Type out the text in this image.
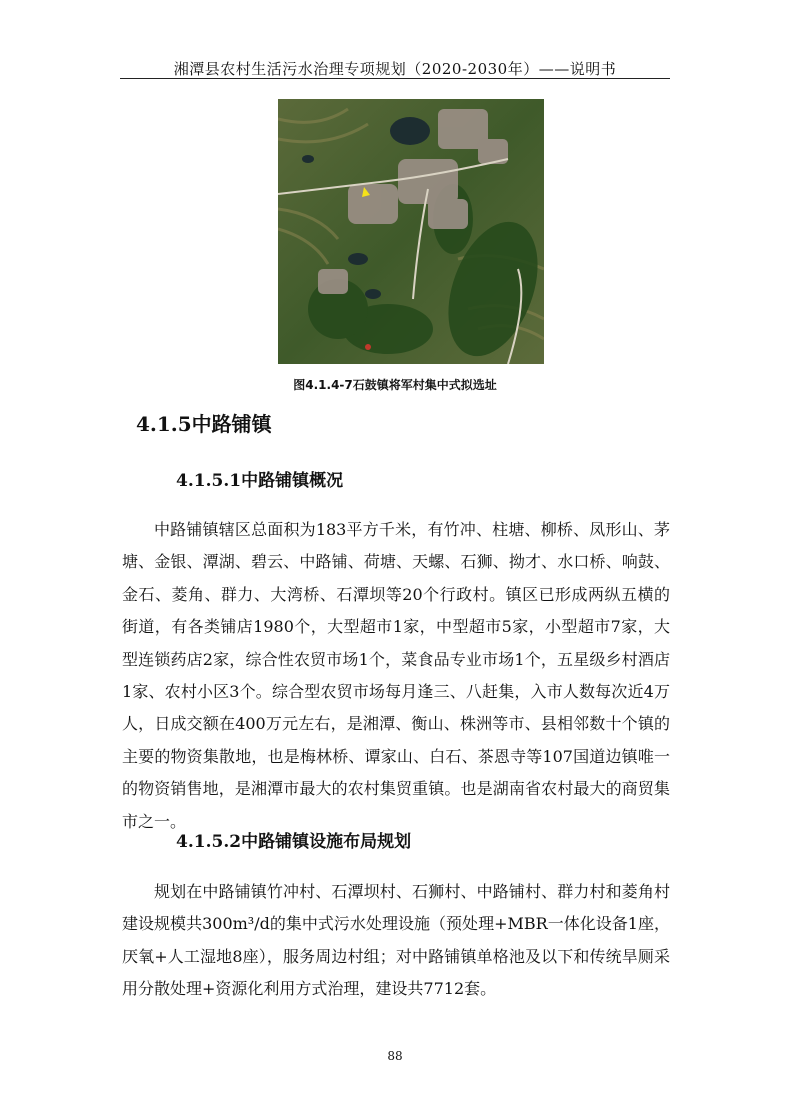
湘潭县农村生活污水治理专项规划（2020-2030年）——说明书
图4.1.4-7石鼓镇将军村集中式拟选址
4.1.5中路铺镇
4.1.5.1中路铺镇概况
中路铺镇辖区总面积为183平方千米，有竹冲、柱塘、柳桥、凤形山、茅塘、金银、潭湖、碧云、中路铺、荷塘、天螺、石狮、拗才、水口桥、响鼓、金石、菱角、群力、大湾桥、石潭坝等20个行政村。镇区已形成两纵五横的街道，有各类铺店1980个，大型超市1家，中型超市5家，小型超市7家，大型连锁药店2家，综合性农贸市场1个，菜食品专业市场1个，五星级乡村酒店1家、农村小区3个。综合型农贸市场每月逢三、八赶集，入市人数每次近4万人，日成交额在400万元左右，是湘潭、衡山、株洲等市、县相邻数十个镇的主要的物资集散地，也是梅林桥、谭家山、白石、茶恩寺等107国道边镇唯一的物资销售地，是湘潭市最大的农村集贸重镇。也是湖南省农村最大的商贸集市之一。
4.1.5.2中路铺镇设施布局规划
规划在中路铺镇竹冲村、石潭坝村、石狮村、中路铺村、群力村和菱角村建设规模共300m³/d的集中式污水处理设施（预处理+MBR一体化设备1座，厌氧+人工湿地8座），服务周边村组；对中路铺镇单格池及以下和传统旱厕采用分散处理+资源化利用方式治理，建设共7712套。
88
